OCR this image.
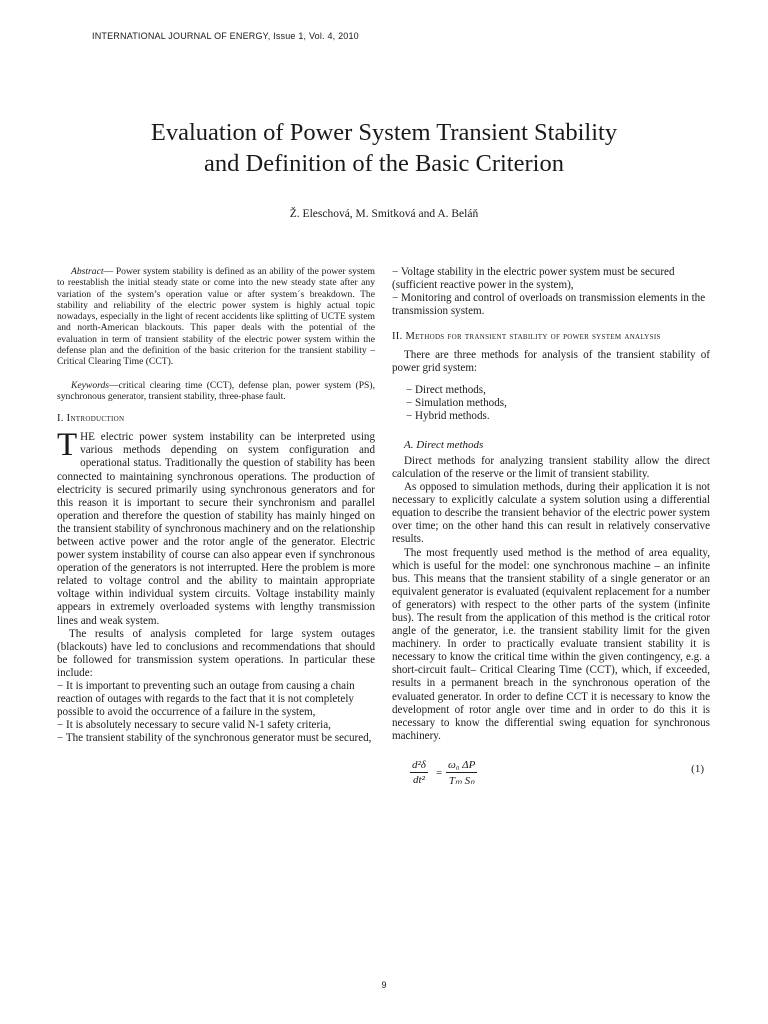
INTERNATIONAL JOURNAL OF ENERGY, Issue 1, Vol. 4, 2010
Evaluation of Power System Transient Stability
and Definition of the Basic Criterion
Ž. Eleschová, M. Smitková and A. Beláň

Abstract— Power system stability is defined as an ability of the power system to reestablish the initial steady state or come into the new steady state after any variation of the system’s operation value or after system´s breakdown. The stability and reliability of the electric power system is highly actual topic nowadays, especially in the light of recent accidents like splitting of UCTE system and north-American blackouts. This paper deals with the potential of the evaluation in term of transient stability of the electric power system within the defense plan and the definition of the basic criterion for the transient stability – Critical Clearing Time (CCT).

Keywords—critical clearing time (CCT), defense plan, power system (PS), synchronous generator, transient stability, three-phase fault.

I. Introduction

THE electric power system instability can be interpreted using various methods depending on system configuration and operational status. Traditionally the question of stability has been connected to maintaining synchronous operations. The production of electricity is secured primarily using synchronous generators and for this reason it is important to secure their synchronism and parallel operation and therefore the question of stability has mainly hinged on the transient stability of synchronous machinery and on the relationship between active power and the rotor angle of the generator. Electric power system instability of course can also appear even if synchronous operation of the generators is not interrupted. Here the problem is more related to voltage control and the ability to maintain appropriate voltage within individual system circuits. Voltage instability mainly appears in extremely overloaded systems with lengthy transmission lines and weak system.

The results of analysis completed for large system outages (blackouts) have led to conclusions and recommendations that should be followed for transmission system operations. In particular these include:

− It is important to preventing such an outage from causing a chain reaction of outages with regards to the fact that it is not completely possible to avoid the occurrence of a failure in the system,
− It is absolutely necessary to secure valid N-1 safety criteria,
− The transient stability of the synchronous generator must be secured,
− Voltage stability in the electric power system must be secured (sufficient reactive power in the system),
− Monitoring and control of overloads on transmission elements in the transmission system.
II. Methods for transient stability of power system analysis

There are three methods for analysis of the transient stability of power grid system:

− Direct methods,
− Simulation methods,
− Hybrid methods.
A. Direct methods

Direct methods for analyzing transient stability allow the direct calculation of the reserve or the limit of transient stability.

As opposed to simulation methods, during their application it is not necessary to explicitly calculate a system solution using a differential equation to describe the transient behavior of the electric power system over time; on the other hand this can result in relatively conservative results.

The most frequently used method is the method of area equality, which is useful for the model: one synchronous machine – an infinite bus. This means that the transient stability of a single generator or an equivalent generator is evaluated (equivalent replacement for a number of generators) with respect to the other parts of the system (infinite bus). The result from the application of this method is the critical rotor angle of the generator, i.e. the transient stability limit for the given machinery. In order to practically evaluate transient stability it is necessary to know the critical time within the given contingency, e.g. a short-circuit fault– Critical Clearing Time (CCT), which, if exceeded, results in a permanent breach in the synchronous operation of the evaluated generator. In order to define CCT it is necessary to know the development of rotor angle over time and in order to do this it is necessary to know the differential swing equation for synchronous machinery.

$\frac{\text{d²δ}}{\text{dt²}} = \frac{\text{ω₀ ΔP}}{\text{Tₘ Sₙ}}$	(1)
9
